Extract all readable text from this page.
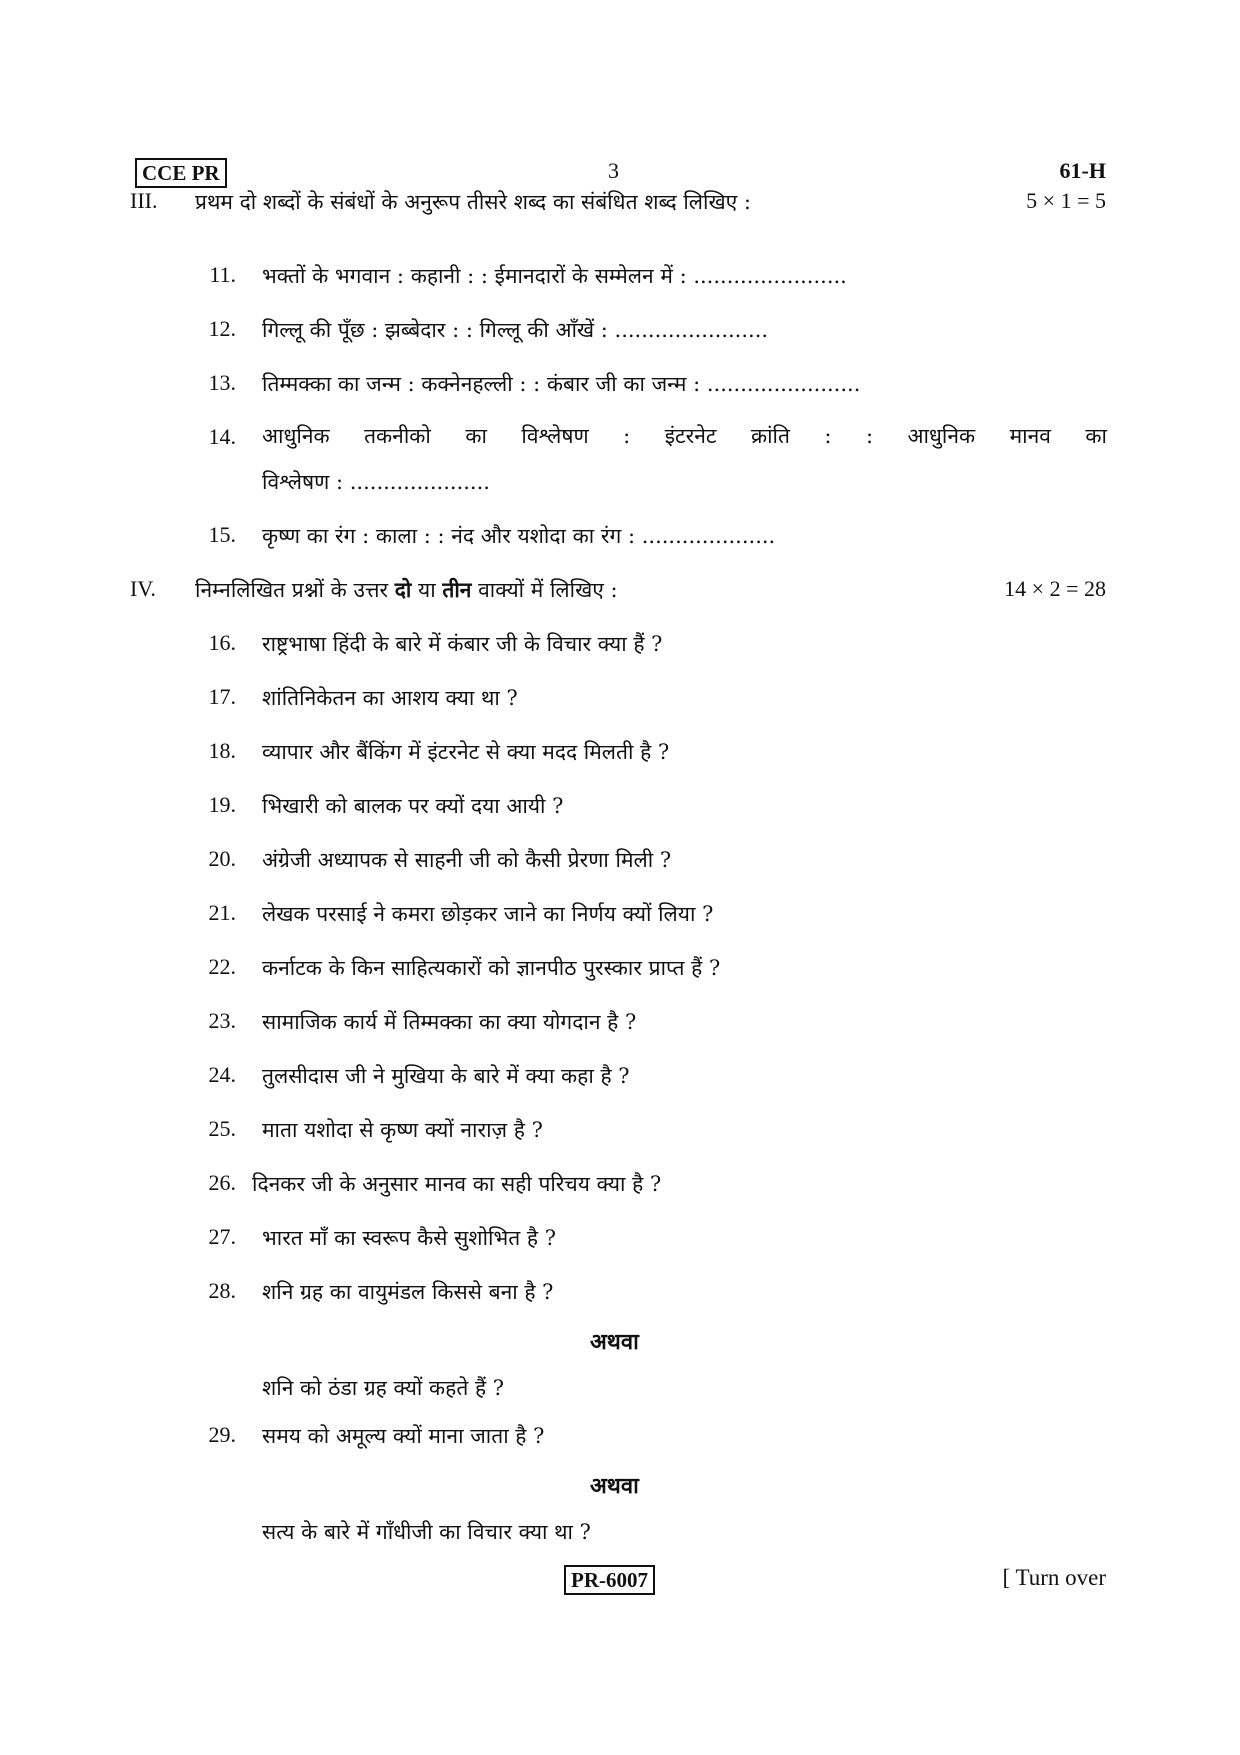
CCE PR	3	61-H
III. प्रथम दो शब्दों के संबंधों के अनुरूप तीसरे शब्द का संबंधित शब्द लिखिए :	5 × 1 = 5
11. भक्तों के भगवान : कहानी : : ईमानदारों के सम्मेलन में : .......................
12. गिल्लू की पूँछ : झब्बेदार : : गिल्लू की आँखें : .......................
13. तिम्मक्का का जन्म : कक्नेनहल्ली : : कंबार जी का जन्म : .......................
14. आधुनिक तकनीको का विश्लेषण : इंटरनेट क्रांति : : आधुनिक मानव का
विश्लेषण : .....................
15. कृष्ण का रंग : काला : : नंद और यशोदा का रंग : ....................
IV. निम्नलिखित प्रश्नों के उत्तर दो या तीन वाक्यों में लिखिए :	14 × 2 = 28
16. राष्ट्रभाषा हिंदी के बारे में कंबार जी के विचार क्या हैं ?
17. शांतिनिकेतन का आशय क्या था ?
18. व्यापार और बैंकिंग में इंटरनेट से क्या मदद मिलती है ?
19. भिखारी को बालक पर क्यों दया आयी ?
20. अंग्रेजी अध्यापक से साहनी जी को कैसी प्रेरणा मिली ?
21. लेखक परसाई ने कमरा छोड़कर जाने का निर्णय क्यों लिया ?
22. कर्नाटक के किन साहित्यकारों को ज्ञानपीठ पुरस्कार प्राप्त हैं ?
23. सामाजिक कार्य में तिम्मक्का का क्या योगदान है ?
24. तुलसीदास जी ने मुखिया के बारे में क्या कहा है ?
25. माता यशोदा से कृष्ण क्यों नाराज़ है ?
26. दिनकर जी के अनुसार मानव का सही परिचय क्या है ?
27. भारत माँ का स्वरूप कैसे सुशोभित है ?
28. शनि ग्रह का वायुमंडल किससे बना है ?
अथवा
शनि को ठंडा ग्रह क्यों कहते हैं ?
29. समय को अमूल्य क्यों माना जाता है ?
अथवा
सत्य के बारे में गाँधीजी का विचार क्या था ?
PR-6007	[ Turn over
